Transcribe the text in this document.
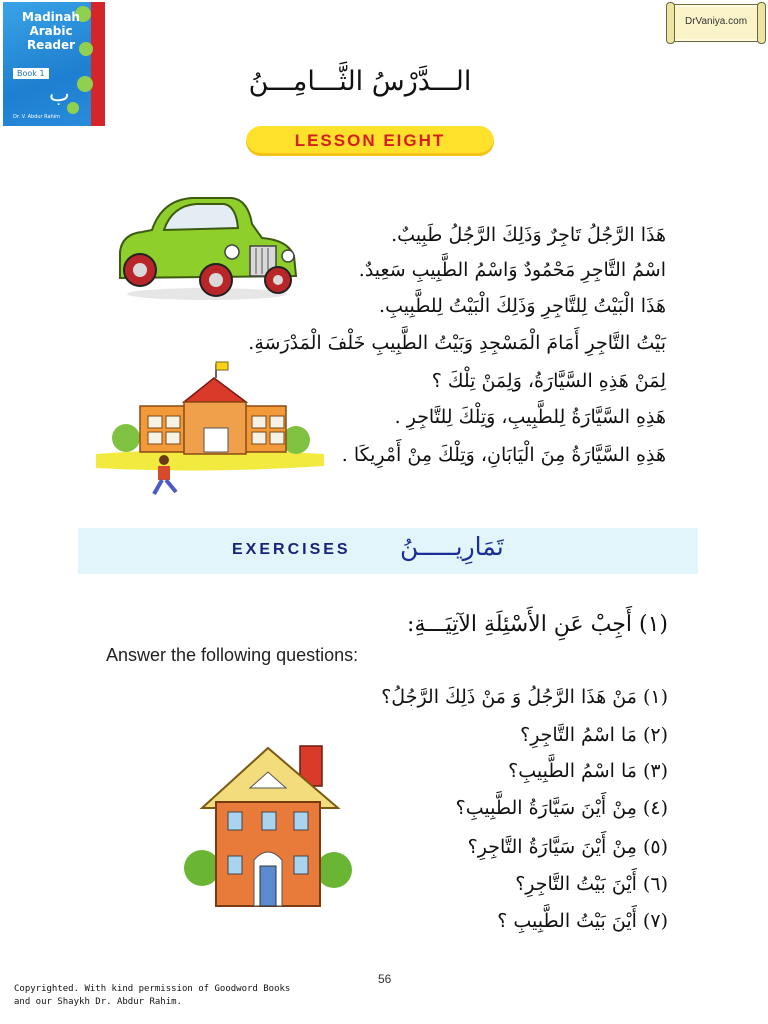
Madinah
Arabic
Reader
Book 1
ب
Dr. V. Abdur Rahim
DrVaniya.com
الـــدَّرْسُ الثَّـــامِـــنُ
LESSON EIGHT
هَذَا الرَّجُلُ تَاجِرٌ وَذَلِكَ الرَّجُلُ طَبِيبٌ.
اسْمُ التَّاجِرِ مَحْمُودٌ وَاسْمُ الطَّبِيبِ سَعِيدٌ.
هَذَا الْبَيْتُ لِلتَّاجِرِ وَذَلِكَ الْبَيْتُ لِلطَّبِيبِ.
بَيْتُ التَّاجِرِ أَمَامَ الْمَسْجِدِ وَبَيْتُ الطَّبِيبِ خَلْفَ الْمَدْرَسَةِ.
لِمَنْ هَذِهِ السَّيَّارَةُ، وَلِمَنْ تِلْكَ ؟
هَذِهِ السَّيَّارَةُ لِلطَّبِيبِ، وَتِلْكَ لِلتَّاجِرِ .
هَذِهِ السَّيَّارَةُ مِنَ الْيَابَانِ، وَتِلْكَ مِنْ أَمْرِيكَا .
EXERCISES تَمَارِيـــــنُ
(١) أَجِبْ عَنِ الأَسْئِلَةِ الآتِيَـــةِ:
Answer the following questions:
(١) مَنْ هَذَا الرَّجُلُ وَ مَنْ ذَلِكَ الرَّجُلُ؟
(٢) مَا اسْمُ التَّاجِرِ؟
(٣) مَا اسْمُ الطَّبِيبِ؟
(٤) مِنْ أَيْنَ سَيَّارَةُ الطَّبِيبِ؟
(٥) مِنْ أَيْنَ سَيَّارَةُ التَّاجِرِ؟
(٦) أَيْنَ بَيْتُ التَّاجِرِ؟
(٧) أَيْنَ بَيْتُ الطَّبِيبِ ؟
56
Copyrighted. With kind permission of Goodword Books
and our Shaykh Dr. Abdur Rahim.
